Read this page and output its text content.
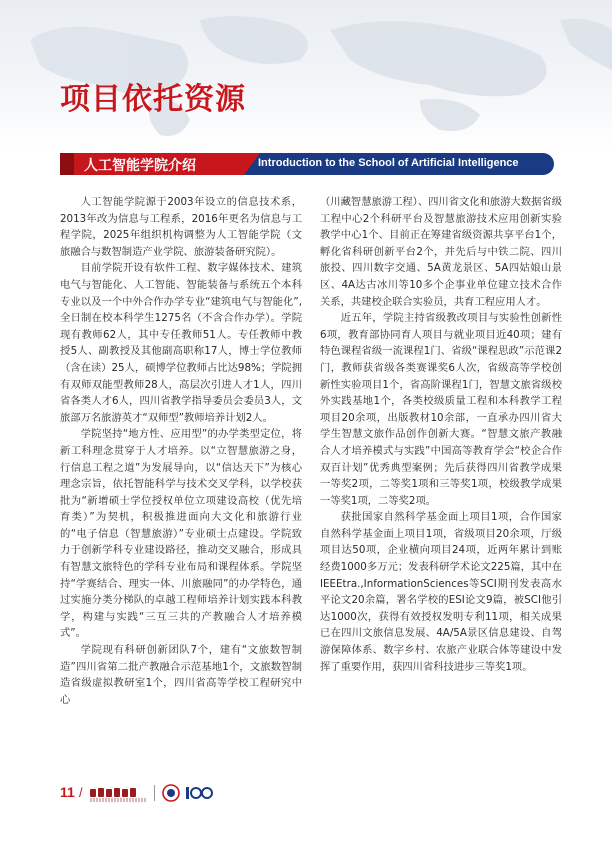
项目依托资源
人工智能学院介绍	Introduction to the School of Artificial Intelligence

人工智能学院源于2003年设立的信息技术系，2013年改为信息与工程系，2016年更名为信息与工程学院，2025年组织机构调整为人工智能学院（文旅融合与数智制造产业学院、旅游装备研究院）。

目前学院开设有软件工程、数字媒体技术、建筑电气与智能化、人工智能、智能装备与系统五个本科专业以及一个中外合作办学专业“建筑电气与智能化”,全日制在校本科学生1275名（不含合作办学）。学院现有教师62人，其中专任教师51人。专任教师中教授5人、副教授及其他副高职称17人，博士学位教师（含在读）25人，硕博学位教师占比达98%；学院拥有双师双能型教师28人，高层次引进人才1人，四川省各类人才6人，四川省教学指导委员会委员3人，文旅部万名旅游英才“双师型”教师培养计划2人。

学院坚持“地方性、应用型”的办学类型定位，将新工科理念贯穿于人才培养。以“立智慧旅游之身，行信息工程之道”为发展导向，以“信达天下”为核心理念宗旨，依托智能科学与技术交叉学科，以学校获批为“新增硕士学位授权单位立项建设高校（优先培育类）”为契机，积极推进面向大文化和旅游行业的“电子信息（智慧旅游）”专业硕士点建设。学院致力于创新学科专业建设路径，推动交叉融合，形成具有智慧文旅特色的学科专业布局和课程体系。学院坚持“学赛结合、理实一体、川旅融同”的办学特色，通过实施分类分梯队的卓越工程师培养计划实践本科教学，构建与实践“三互三共的产教融合人才培养模式”。

学院现有科研创新团队7个，建有“文旅数智制造”四川省第二批产教融合示范基地1个，文旅数智制造省级虚拟教研室1个，四川省高等学校工程研究中心

（川藏智慧旅游工程）、四川省文化和旅游大数据省级工程中心2个科研平台及智慧旅游技术应用创新实验教学中心1个、目前正在筹建省级资源共享平台1个，孵化省科研创新平台2个，并先后与中铁二院、四川旅投、四川数字交通、5A黄龙景区、5A四姑娘山景区、4A达古冰川等10多个企事业单位建立技术合作关系，共建校企联合实验员，共育工程应用人才。

近五年，学院主持省级教改项目与实验性创新性6项，教育部协同育人项目与就业项目近40项；建有特色课程省级一流课程1门、省级“课程思政”示范课2门，教师获省级各类赛课奖6人次，省级高等学校创新性实验项目1个，省高阶课程1门，智慧文旅省级校外实践基地1个，各类校级质量工程和本科教学工程项目20余项，出版教材10余部，一直承办四川省大学生智慧文旅作品创作创新大赛。“智慧文旅产教融合人才培养模式与实践”中国高等教育学会“校企合作双百计划”优秀典型案例；先后获得四川省教学成果一等奖2项，二等奖1项和三等奖1项，校级教学成果一等奖1项，二等奖2项。

获批国家自然科学基金面上项目1项，合作国家自然科学基金面上项目1项，省级项目20余项，厅级项目达50项，企业横向项目24项，近两年累计到账经费1000多万元；发表科研学术论文225篇，其中在IEEEtra.,InformationSciences等SCI期刊发表高水平论文20余篇，署名学校的ESI论文9篇，被SCI他引达1000次，获得有效授权发明专利11项，相关成果已在四川文旅信息发展、4A/5A景区信息建设、自驾游保障体系、数字乡村、农旅产业联合体等建设中发挥了重要作用，获四川省科技进步三等奖1项。

11 /
